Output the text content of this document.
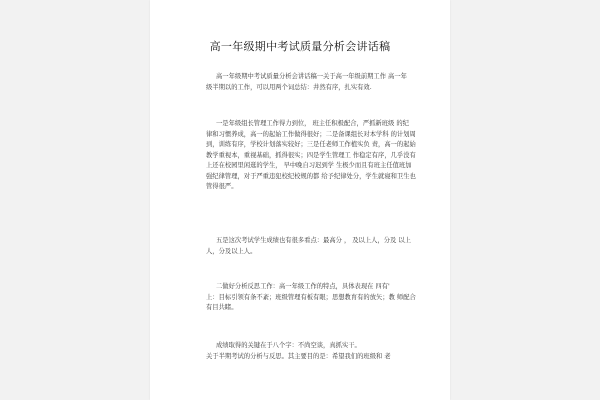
高一年级期中考试质量分析会讲话稿
高一年级期中考试质量分析会讲话稿一关于高一年级前期工作 高一年
级半期以的工作，可以用两个词总结：井然有序，扎实有效.
一是年级组长管理工作得力到位， 班主任积极配合，严抓新班级 的纪
律和习惯养成，高一的起始工作做得很好；二是备课组长对本学科 的计划周
到，训练有序，学校计划落实较好；三是任老师工作植实负 责，高一的起始
教学重视本，重视基础，抓得很实；四是学生管理工 作稳定有序，几乎没有
上还在校园里闲逛的学生， 早中晚自习迟到学 生极少而且有班主任值班加
强纪律管理，对于严重违犯校纪校规的都 给予纪律处分，学生就寝和卫生也
管得很严。
五是这次考试学生成绩也有很多看点：最高分 ， 及以上人，分及 以上
人，分及以上人。
二做好分析反思工作：高一年级工作的特点，具体表现在 四有'
上：目标引领有条不紊；班级管理有板有眼；思想教育有的放矢；教 师配合
有目共睹。
成绩取得的关键在于八个字：不尚空谈，真抓实干。
关于半期考试的分析与反思。其主要目的是：希望我们的班级和 老
